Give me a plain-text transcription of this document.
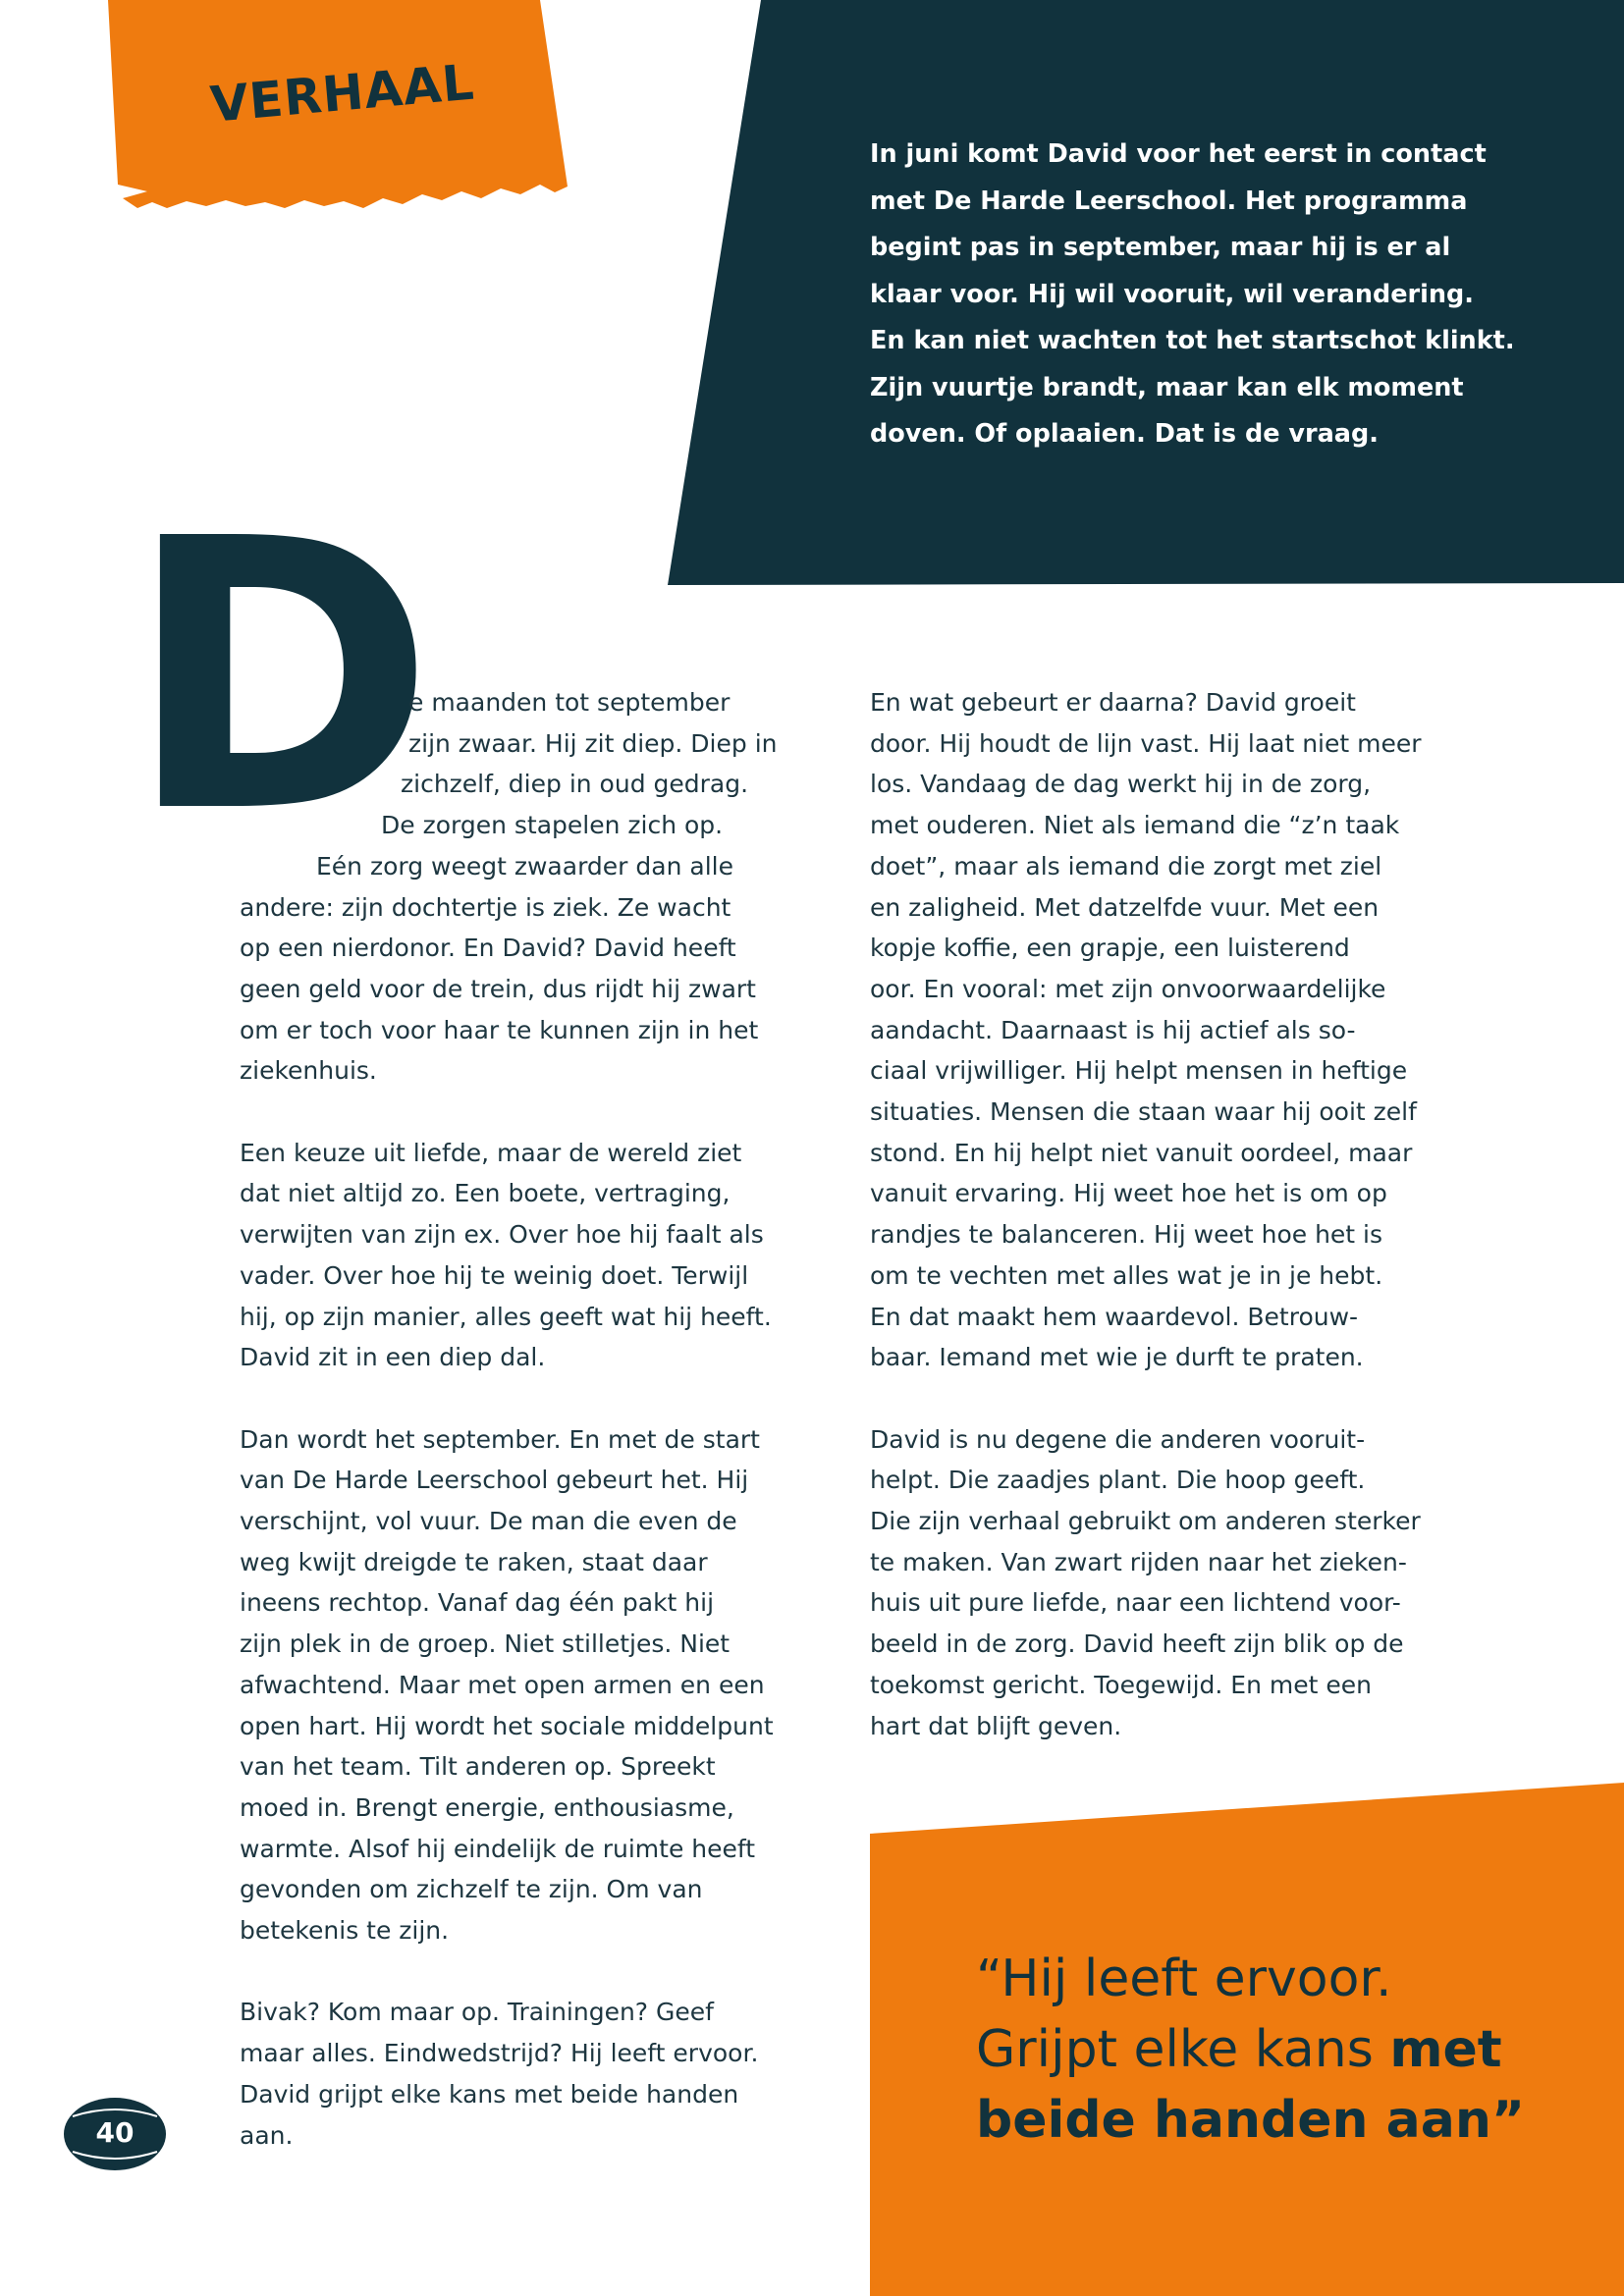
VERHAAL
In juni komt David voor het eerst in contact
met De Harde Leerschool. Het programma
begint pas in september, maar hij is er al
klaar voor. Hij wil vooruit, wil verandering.
En kan niet wachten tot het startschot klinkt.
Zijn vuurtje brandt, maar kan elk moment
doven. Of oplaaien. Dat is de vraag.
D
e maanden tot september
zijn zwaar. Hij zit diep. Diep in
zichzelf, diep in oud gedrag.
De zorgen stapelen zich op.
Eén zorg weegt zwaarder dan alle
andere: zijn dochtertje is ziek. Ze wacht
op een nierdonor. En David? David heeft
geen geld voor de trein, dus rijdt hij zwart
om er toch voor haar te kunnen zijn in het
ziekenhuis.
Een keuze uit liefde, maar de wereld ziet
dat niet altijd zo. Een boete, vertraging,
verwijten van zijn ex. Over hoe hij faalt als
vader. Over hoe hij te weinig doet. Terwijl
hij, op zijn manier, alles geeft wat hij heeft.
David zit in een diep dal.
Dan wordt het september. En met de start
van De Harde Leerschool gebeurt het. Hij
verschijnt, vol vuur. De man die even de
weg kwijt dreigde te raken, staat daar
ineens rechtop. Vanaf dag één pakt hij
zijn plek in de groep. Niet stilletjes. Niet
afwachtend. Maar met open armen en een
open hart. Hij wordt het sociale middelpunt
van het team. Tilt anderen op. Spreekt
moed in. Brengt energie, enthousiasme,
warmte. Alsof hij eindelijk de ruimte heeft
gevonden om zichzelf te zijn. Om van
betekenis te zijn.
Bivak? Kom maar op. Trainingen? Geef
maar alles. Eindwedstrijd? Hij leeft ervoor.
David grijpt elke kans met beide handen
aan.
En wat gebeurt er daarna? David groeit
door. Hij houdt de lijn vast. Hij laat niet meer
los. Vandaag de dag werkt hij in de zorg,
met ouderen. Niet als iemand die “z’n taak
doet”, maar als iemand die zorgt met ziel
en zaligheid. Met datzelfde vuur. Met een
kopje koffie, een grapje, een luisterend
oor. En vooral: met zijn onvoorwaardelijke
aandacht. Daarnaast is hij actief als so-
ciaal vrijwilliger. Hij helpt mensen in heftige
situaties. Mensen die staan waar hij ooit zelf
stond. En hij helpt niet vanuit oordeel, maar
vanuit ervaring. Hij weet hoe het is om op
randjes te balanceren. Hij weet hoe het is
om te vechten met alles wat je in je hebt.
En dat maakt hem waardevol. Betrouw-
baar. Iemand met wie je durft te praten.
David is nu degene die anderen vooruit-
helpt. Die zaadjes plant. Die hoop geeft.
Die zijn verhaal gebruikt om anderen sterker
te maken. Van zwart rijden naar het zieken-
huis uit pure liefde, naar een lichtend voor-
beeld in de zorg. David heeft zijn blik op de
toekomst gericht. Toegewijd. En met een
hart dat blijft geven.
“Hij leeft ervoor.
Grijpt elke kans met
beide handen aan”
40
